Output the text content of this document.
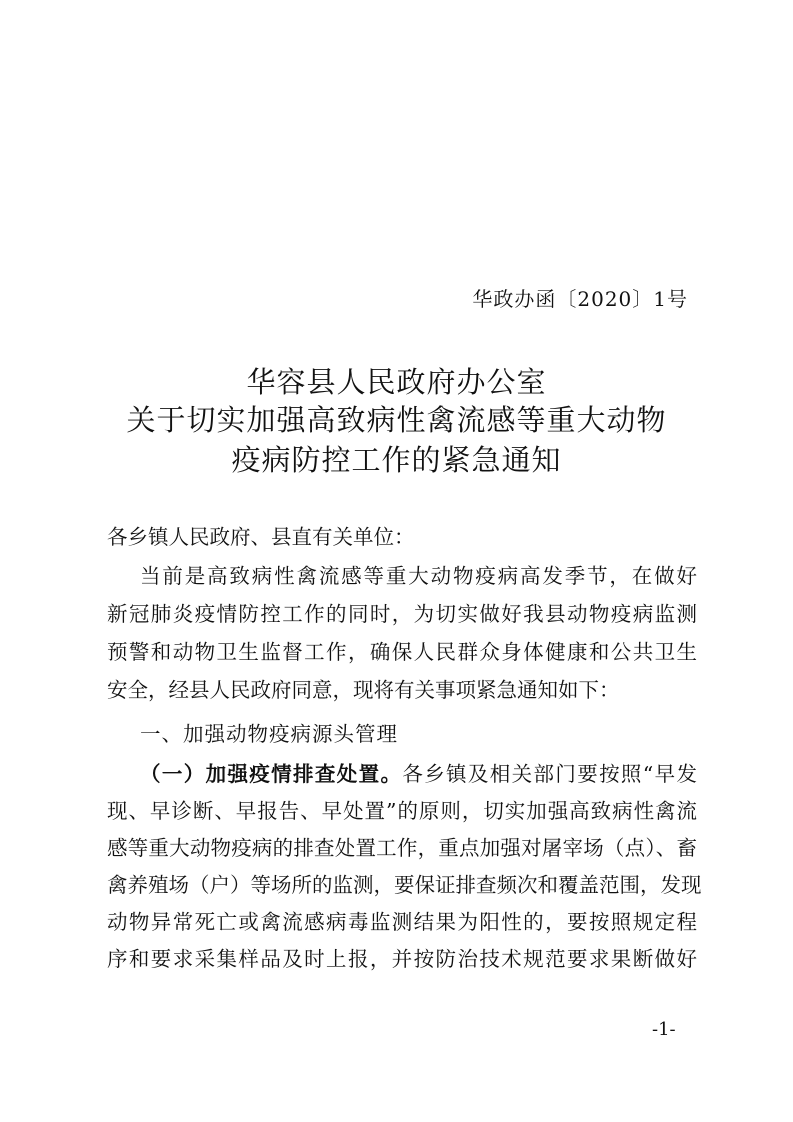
华政办函〔2020〕1号
华容县人民政府办公室
关于切实加强高致病性禽流感等重大动物
疫病防控工作的紧急通知
各乡镇人民政府、县直有关单位：
当前是高致病性禽流感等重大动物疫病高发季节，在做好
新冠肺炎疫情防控工作的同时，为切实做好我县动物疫病监测
预警和动物卫生监督工作，确保人民群众身体健康和公共卫生
安全，经县人民政府同意，现将有关事项紧急通知如下：
一、加强动物疫病源头管理
（一）加强疫情排查处置。各乡镇及相关部门要按照“早发
现、早诊断、早报告、早处置”的原则，切实加强高致病性禽流
感等重大动物疫病的排查处置工作，重点加强对屠宰场（点）、畜
禽养殖场（户）等场所的监测，要保证排查频次和覆盖范围，发现
动物异常死亡或禽流感病毒监测结果为阳性的，要按照规定程
序和要求采集样品及时上报，并按防治技术规范要求果断做好
-1-
